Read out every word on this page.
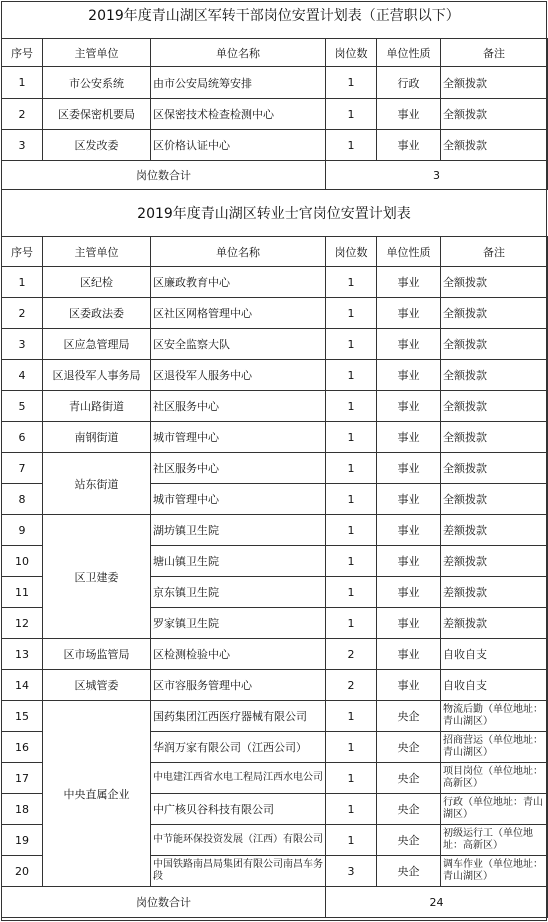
2019年度青山湖区军转干部岗位安置计划表（正营职以下）
序号	主管单位	单位名称	岗位数	单位性质	备注
1	市公安系统	由市公安局统筹安排	1	行政	全额拨款
2	区委保密机要局	区保密技术检查检测中心	1	事业	全额拨款
3	区发改委	区价格认证中心	1	事业	全额拨款
岗位数合计			3		
2019年度青山湖区转业士官岗位安置计划表
序号	主管单位	单位名称	岗位数	单位性质	备注
1	区纪检	区廉政教育中心	1	事业	全额拨款
2	区委政法委	区社区网格管理中心	1	事业	全额拨款
3	区应急管理局	区安全监察大队	1	事业	全额拨款
4	区退役军人事务局	区退役军人服务中心	1	事业	全额拨款
5	青山路街道	社区服务中心	1	事业	全额拨款
6	南钢街道	城市管理中心	1	事业	全额拨款
7	站东街道	社区服务中心	1	事业	全额拨款
8		城市管理中心	1	事业	全额拨款
9	区卫建委	湖坊镇卫生院	1	事业	差额拨款
10		塘山镇卫生院	1	事业	差额拨款
11		京东镇卫生院	1	事业	差额拨款
12		罗家镇卫生院	1	事业	差额拨款
13	区市场监管局	区检测检验中心	2	事业	自收自支
14	区城管委	区市容服务管理中心	2	事业	自收自支
15	中央直属企业	国药集团江西医疗器械有限公司	1	央企	物流后勤（单位地址：青山湖区）
16		华润万家有限公司（江西公司）	1	央企	招商营运（单位地址：青山湖区）
17		中电建江西省水电工程局江西水电公司	1	央企	项目岗位（单位地址：高新区）
18		中广核贝谷科技有限公司	1	央企	行政（单位地址：青山湖区）
19		中节能环保投资发展（江西）有限公司	1	央企	初级运行工（单位地址：高新区）
20		中国铁路南昌局集团有限公司南昌车务段	3	央企	调车作业（单位地址：青山湖区）
岗位数合计			24		
